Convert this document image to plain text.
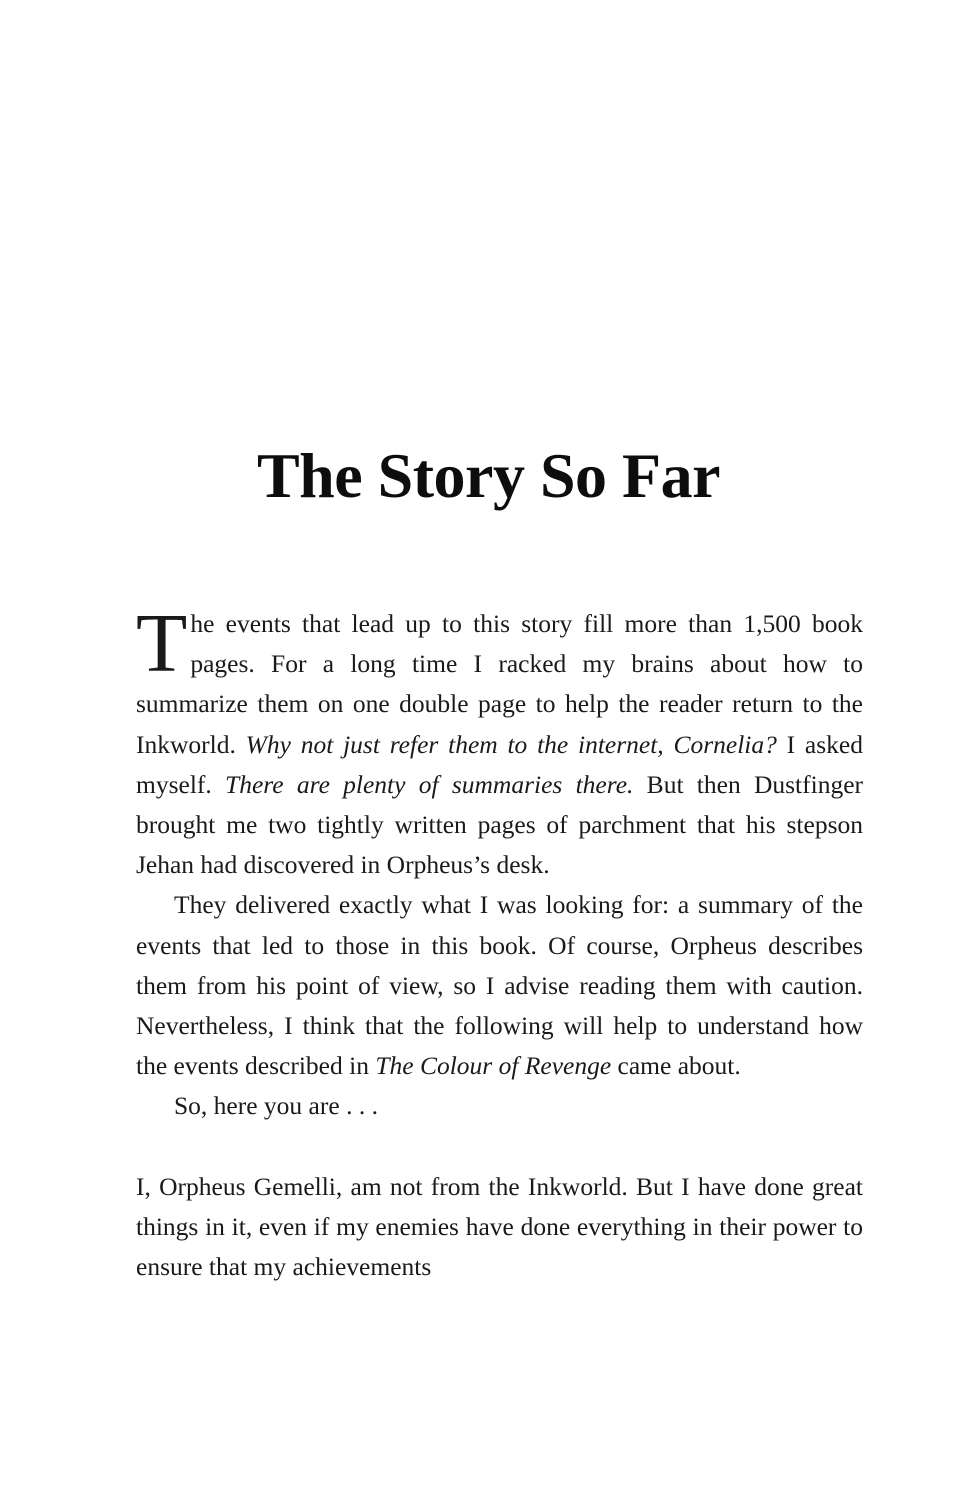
The Story So Far

The events that lead up to this story fill more than 1,500 book pages. For a long time I racked my brains about how to summarize them on one double page to help the reader return to the Inkworld. Why not just refer them to the internet, Cornelia? I asked myself. There are plenty of summaries there. But then Dustfinger brought me two tightly written pages of parchment that his stepson Jehan had discovered in Orpheus’s desk.

They delivered exactly what I was looking for: a summary of the events that led to those in this book. Of course, Orpheus describes them from his point of view, so I advise reading them with caution. Nevertheless, I think that the following will help to understand how the events described in The Colour of Revenge came about.

So, here you are . . .

I, Orpheus Gemelli, am not from the Inkworld. But I have done great things in it, even if my enemies have done everything in their power to ensure that my achievements
